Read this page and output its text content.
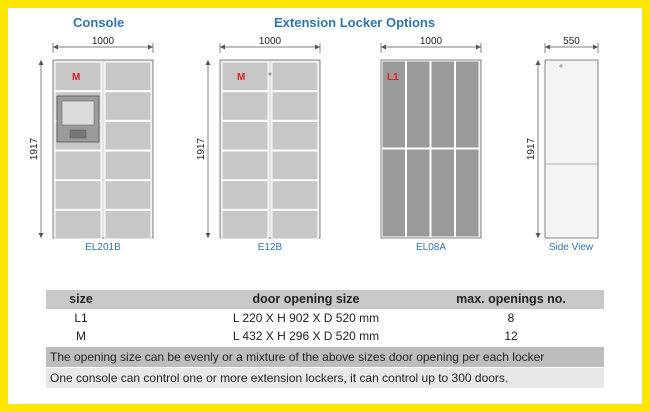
Console	Extension Locker Options
1000
1917
M
EL201B
1000
1917
M
E12B
1000
L1
EL08A
550
1917
Side View
size	door opening size	max. openings no.
L1	L 220 X H 902 X D 520 mm	8
M	L 432 X H 296 X D 520 mm	12
The opening size can be evenly or a mixture of the above sizes door opening per each locker
One console can control one or more extension lockers, it can control up to 300 doors.
